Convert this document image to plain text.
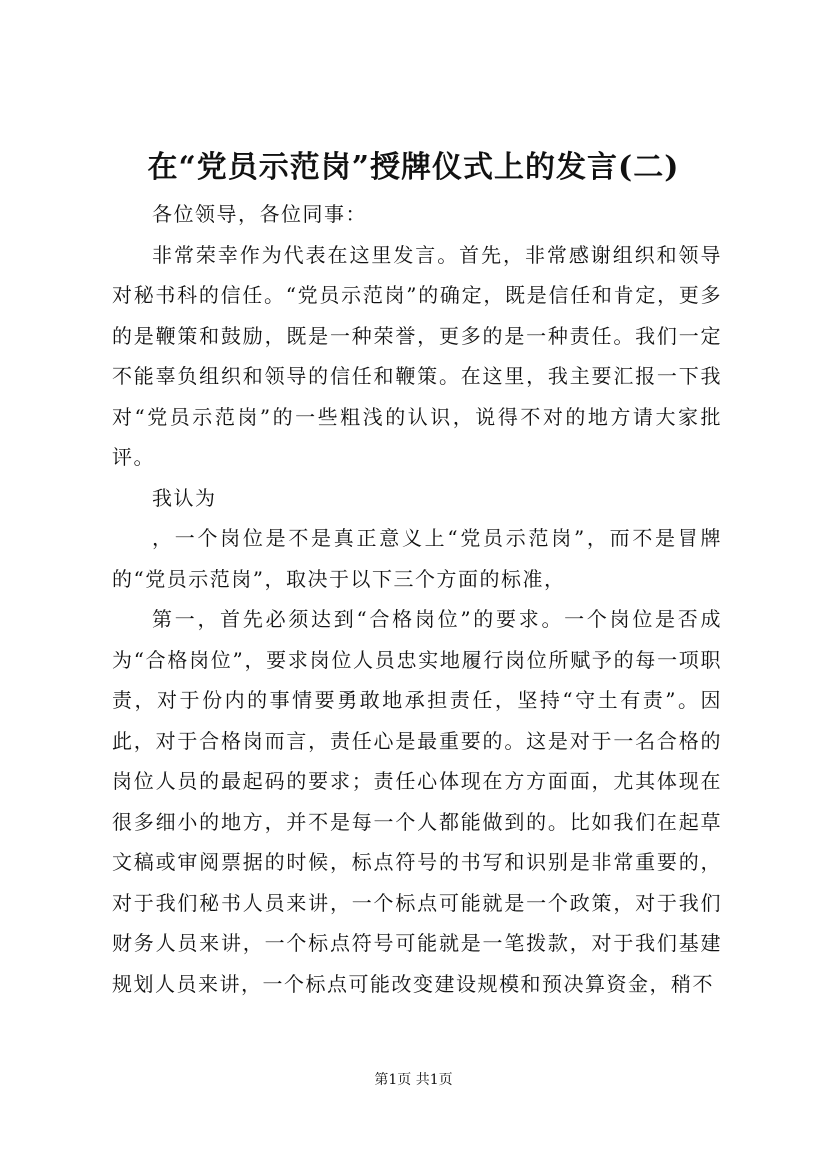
在“党员示范岗”授牌仪式上的发言(二)

各位领导，各位同事：

非常荣幸作为代表在这里发言。首先，非常感谢组织和领导对秘书科的信任。“党员示范岗”的确定，既是信任和肯定，更多的是鞭策和鼓励，既是一种荣誉，更多的是一种责任。我们一定不能辜负组织和领导的信任和鞭策。在这里，我主要汇报一下我对“党员示范岗”的一些粗浅的认识，说得不对的地方请大家批评。

我认为

，一个岗位是不是真正意义上“党员示范岗”，而不是冒牌的“党员示范岗”，取决于以下三个方面的标准，

第一，首先必须达到“合格岗位”的要求。一个岗位是否成为“合格岗位”，要求岗位人员忠实地履行岗位所赋予的每一项职责，对于份内的事情要勇敢地承担责任，坚持“守土有责”。因此，对于合格岗而言，责任心是最重要的。这是对于一名合格的岗位人员的最起码的要求；责任心体现在方方面面，尤其体现在很多细小的地方，并不是每一个人都能做到的。比如我们在起草文稿或审阅票据的时候，标点符号的书写和识别是非常重要的，对于我们秘书人员来讲，一个标点可能就是一个政策，对于我们财务人员来讲，一个标点符号可能就是一笔拨款，对于我们基建规划人员来讲，一个标点可能改变建设规模和预决算资金，稍不

第1页 共1页
